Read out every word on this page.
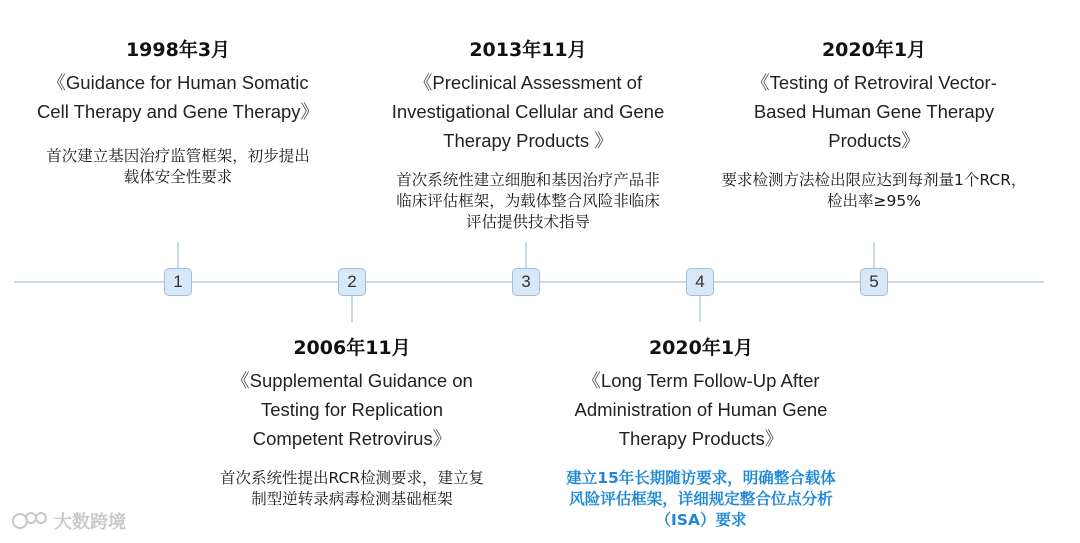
1	2	3	4	5
1998年3月
《Guidance for Human Somatic
Cell Therapy and Gene Therapy》
首次建立基因治疗监管框架，初步提出
载体安全性要求
2013年11月
《Preclinical Assessment of
Investigational Cellular and Gene
Therapy Products 》
首次系统性建立细胞和基因治疗产品非
临床评估框架，为载体整合风险非临床
评估提供技术指导
2020年1月
《Testing of Retroviral Vector-
Based Human Gene Therapy
Products》
要求检测方法检出限应达到每剂量1个RCR，
检出率≥95%
2006年11月
《Supplemental Guidance on
Testing for Replication
Competent Retrovirus》
首次系统性提出RCR检测要求，建立复
制型逆转录病毒检测基础框架
2020年1月
《Long Term Follow-Up After
Administration of Human Gene
Therapy Products》
建立15年长期随访要求，明确整合载体
风险评估框架，详细规定整合位点分析
（ISA）要求
大数跨境
